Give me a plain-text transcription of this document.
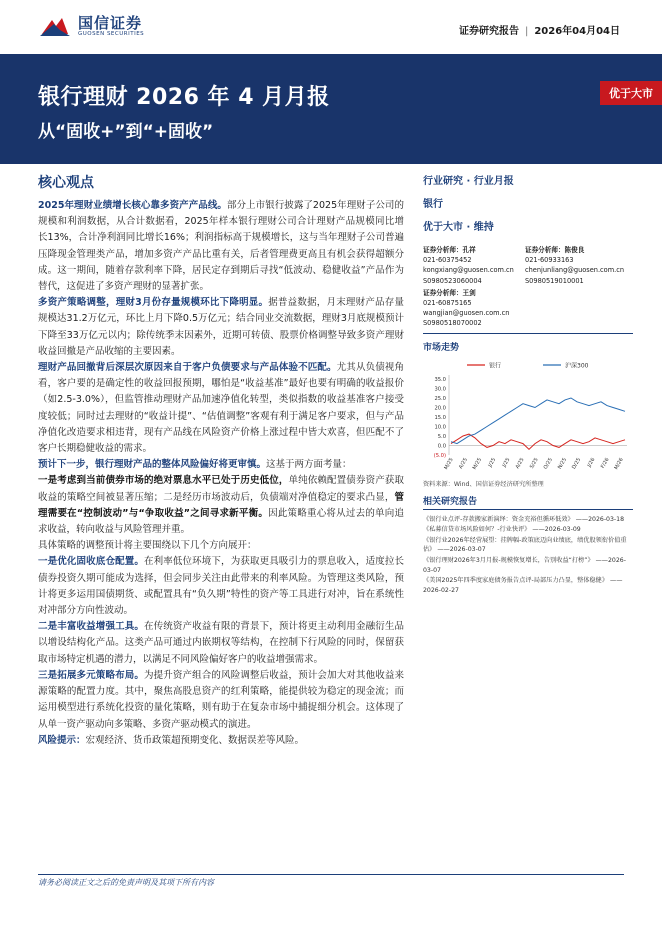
国信证券
GUOSEN SECURITIES	证券研究报告 | 2026年04月04日
银行理财 2026 年 4 月月报
从“固收+”到“+固收”
优于大市
核心观点

2025年理财业绩增长核心靠多资产产品线。部分上市银行披露了2025年理财子公司的规模和利润数据，从合计数据看，2025年样本银行理财公司合计理财产品规模同比增长13%，合计净利润同比增长16%；利润指标高于规模增长，这与当年理财子公司普遍压降现金管理类产品，增加多资产产品比重有关，后者管理费更高且有机会获得超额分成。这一期间，随着存款利率下降，居民定存到期后寻找“低波动、稳健收益”产品作为替代，这促进了多资产理财的显著扩张。

多资产策略调整，理财3月份存量规模环比下降明显。据普益数据，月末理财产品存量规模达31.2万亿元，环比上月下降0.5万亿元；结合同业交流数据，理财3月底规模预计下降至33万亿元以内；除传统季末因素外，近期可转债、股票价格调整导致多资产理财收益回撤是产品收缩的主要因素。

理财产品回撤背后深层次原因来自于客户负债要求与产品体验不匹配。尤其从负债视角看，客户要的是确定性的收益回报预期，哪怕是“收益基准”最好也要有明确的收益报价（如2.5-3.0%），但监管推动理财产品加速净值化转型，类似指数的收益基准客户接受度较低；同时过去理财的“收益计提”、“估值调整”客观有利于满足客户要求，但与产品净值化改造要求相违背，现有产品线在风险资产价格上涨过程中皆大欢喜，但匹配不了客户长期稳健收益的需求。

预计下一步，银行理财产品的整体风险偏好将更审慎。这基于两方面考量：
一是考虑到当前债券市场的绝对票息水平已处于历史低位，单纯依赖配置债券资产获取收益的策略空间被显著压缩；二是经历市场波动后，负债端对净值稳定的要求凸显，管理需要在“控制波动”与“争取收益”之间寻求新平衡。因此策略重心将从过去的单向追求收益，转向收益与风险管理并重。

具体策略的调整预计将主要围绕以下几个方向展开：

一是优化固收底仓配置。在利率低位环境下，为获取更具吸引力的票息收入，适度拉长债券投资久期可能成为选择，但会同步关注由此带来的利率风险。为管理这类风险，预计将更多运用国债期货、或配置具有“负久期”特性的资产等工具进行对冲，旨在系统性对冲部分方向性波动。

二是丰富收益增强工具。在传统资产收益有限的背景下，预计将更主动利用金融衍生品以增设结构化产品。这类产品可通过内嵌期权等结构，在控制下行风险的同时，保留获取市场特定机遇的潜力，以满足不同风险偏好客户的收益增强需求。

三是拓展多元策略布局。为提升资产组合的风险调整后收益，预计会加大对其他收益来源策略的配置力度。其中，聚焦高股息资产的红利策略，能提供较为稳定的现金流；而运用模型进行系统化投资的量化策略，则有助于在复杂市场中捕捉细分机会。这体现了从单一资产驱动向多策略、多资产驱动模式的演进。

风险提示：宏观经济、货币政策超预期变化、数据误差等风险。

行业研究 · 行业月报
银行
优于大市 · 维持
证券分析师：孔祥
021-60375452
kongxiang@guosen.com.cn
S0980523060004
证券分析师：陈俊良
021-60933163
chenjunliang@guosen.com.cn
S0980519010001
证券分析师：王剑
021-60875165
wangjian@guosen.com.cn
S0980518070002
市场走势
银行	沪深300
35.0
30.0
25.0
20.0
15.0
10.0
5.0
0.0
(5.0)
M/25 A/25 M/25 J/25 J/25 A/25 S/25 O/25 N/25 D/25 J/26 F/26 M/26
资料来源：Wind、国信证券经济研究所整理
相关研究报告
《银行业点评-存款搬家新演绎：资金充裕但循环低效》 ——2026-03-18
《私募信贷市场风险如何？-行业快评》 ——2026-03-09
《银行业2026年经营展望：挂牌幅-政策底迈向业绩底，绩优股领衔价值重估》 ——2026-03-07
《银行理财2026年3月月报-规模恢复增长，告别收益“打榜”》 ——2026-03-07
《美国2025年四季度家庭债务报告点评-局部压力凸显，整体稳健》 ——2026-02-27
请务必阅读正文之后的免责声明及其项下所有内容
